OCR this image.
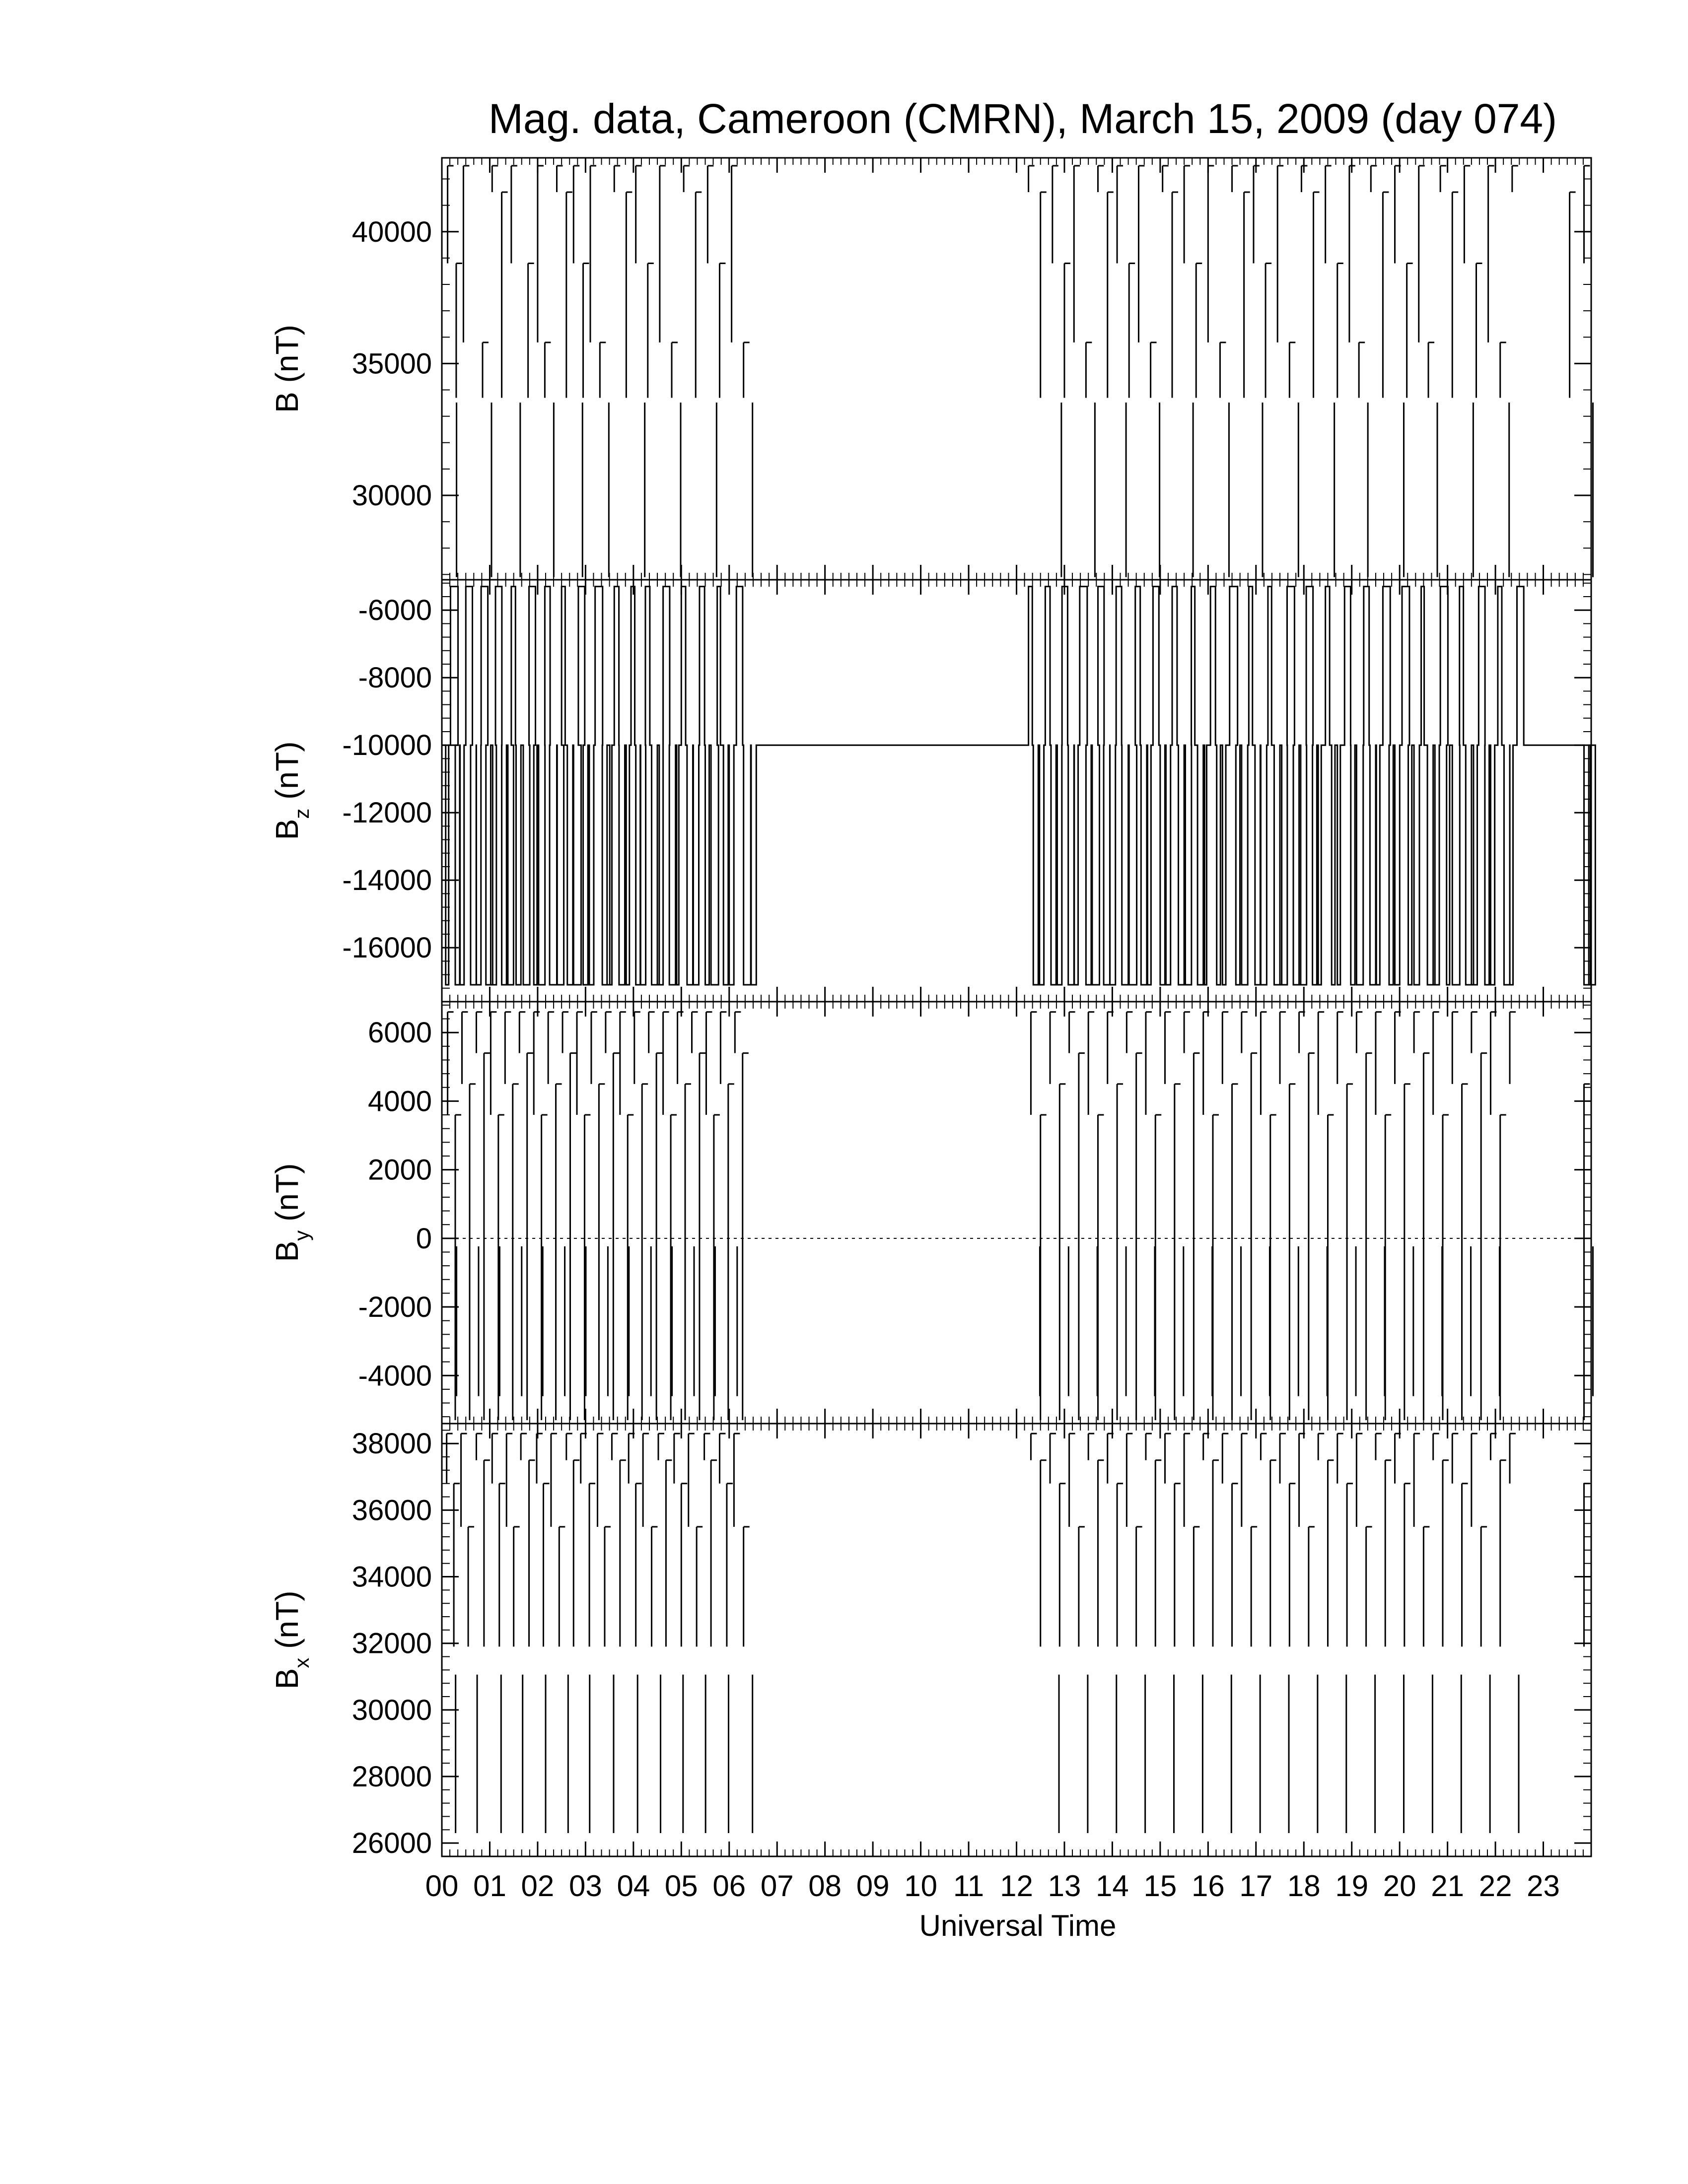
Mag. data, Cameroon (CMRN), March 15, 2009 (day 074)
30000
35000
40000
B (nT)
-16000
-14000
-12000
-10000
-8000
-6000
$B_z$ (nT)
-4000
-2000
0
2000
4000
6000
$B_y$ (nT)
26000
28000
30000
32000
34000
36000
38000
$B_x$ (nT)
00 01 02 03 04 05 06 07 08 09 10 11 12 13 14 15 16 17 18 19 20 21 22 23
Universal Time
